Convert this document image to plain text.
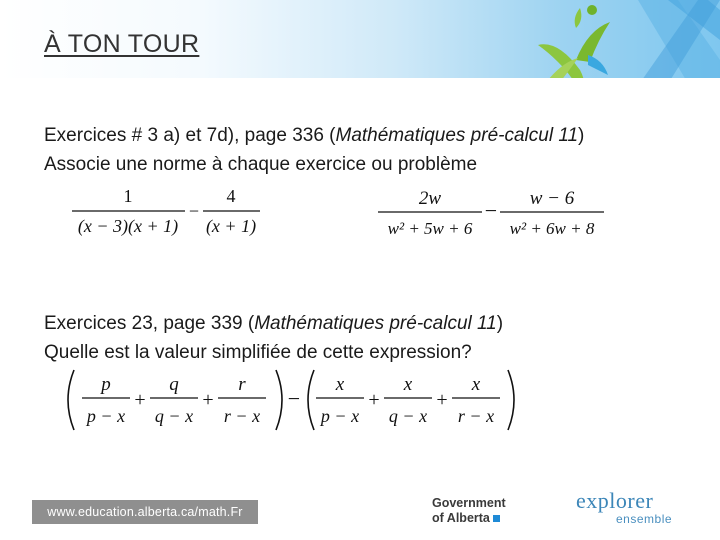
À TON TOUR
Exercices # 3 a) et 7d), page 336 (Mathématiques pré-calcul 11)
Associe une norme à chaque exercice ou problème
1
(x − 3)(x + 1)
−
4
(x + 1)
2w
w² + 5w + 6
− w − 6
w² + 6w + 8
Exercices 23, page 339 (Mathématiques pré-calcul 11)
Quelle est la valeur simplifiée de cette expression?
p
p − x
+
q
q − x
+
r
r − x
−
x
p − x
+
x
q − x
+
x
r − x
www.education.alberta.ca/math.Fr
Government
of Alberta
explorer
ensemble
